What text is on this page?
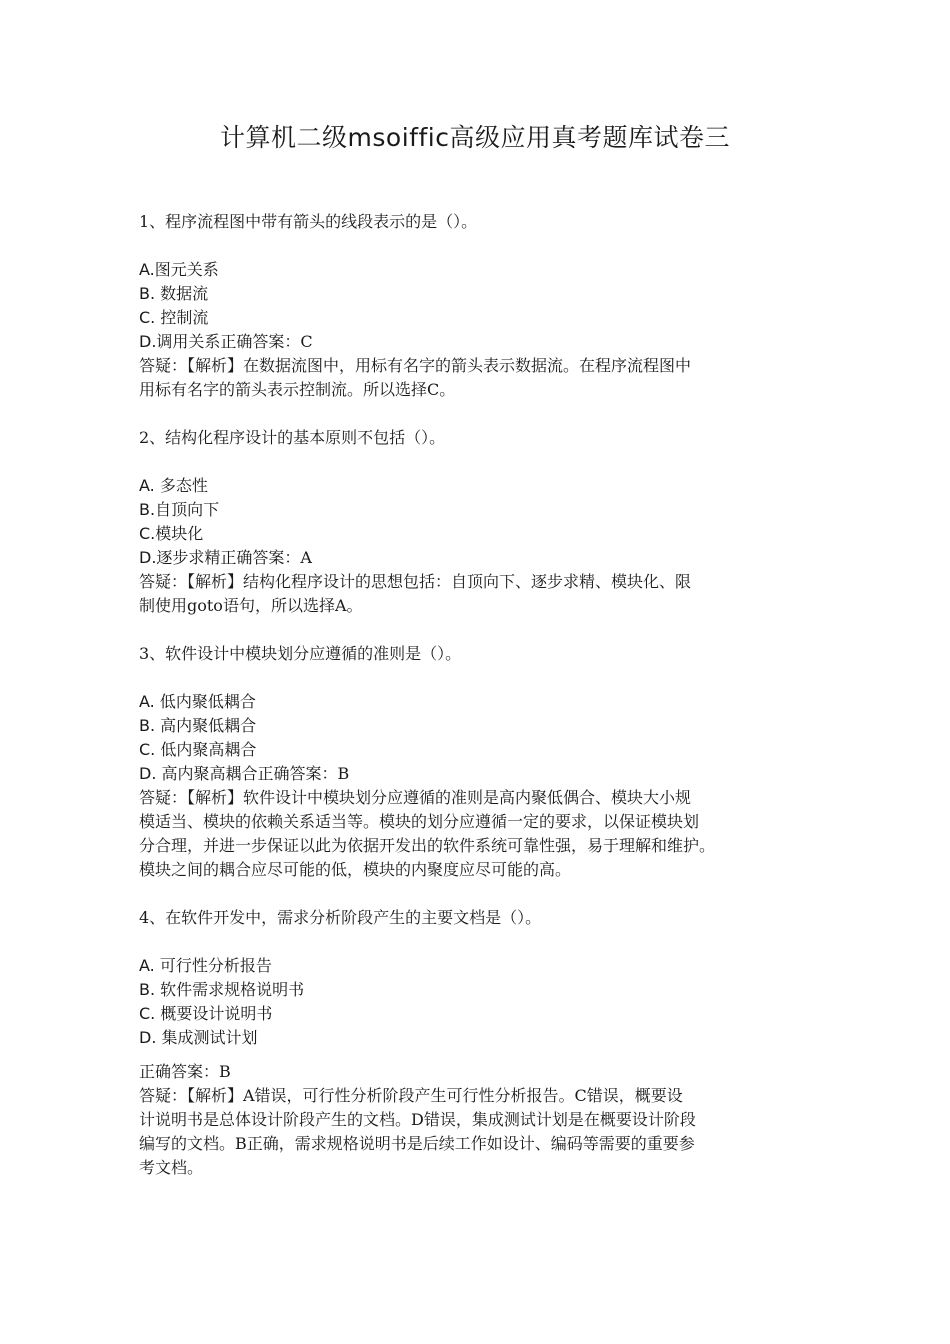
计算机二级msoiffic高级应用真考题库试卷三

1、程序流程图中带有箭头的线段表示的是（）。

A.图元关系

B. 数据流

C. 控制流

D.调用关系正确答案：C

答疑：【解析】在数据流图中，用标有名字的箭头表示数据流。在程序流程图中

用标有名字的箭头表示控制流。所以选择C。

2、结构化程序设计的基本原则不包括（）。

A. 多态性

B.自顶向下

C.模块化

D.逐步求精正确答案：A

答疑：【解析】结构化程序设计的思想包括：自顶向下、逐步求精、模块化、限

制使用goto语句，所以选择A。

3、软件设计中模块划分应遵循的准则是（）。

A. 低内聚低耦合

B. 高内聚低耦合

C. 低内聚高耦合

D. 高内聚高耦合正确答案：B

答疑：【解析】软件设计中模块划分应遵循的准则是高内聚低偶合、模块大小规

模适当、模块的依赖关系适当等。模块的划分应遵循一定的要求，以保证模块划

分合理，并进一步保证以此为依据开发出的软件系统可靠性强，易于理解和维护。

模块之间的耦合应尽可能的低，模块的内聚度应尽可能的高。

4、在软件开发中，需求分析阶段产生的主要文档是（）。

A. 可行性分析报告

B. 软件需求规格说明书

C. 概要设计说明书

D. 集成测试计划

正确答案：B

答疑：【解析】A错误，可行性分析阶段产生可行性分析报告。C错误，概要设

计说明书是总体设计阶段产生的文档。D错误，集成测试计划是在概要设计阶段

编写的文档。B正确，需求规格说明书是后续工作如设计、编码等需要的重要参

考文档。
